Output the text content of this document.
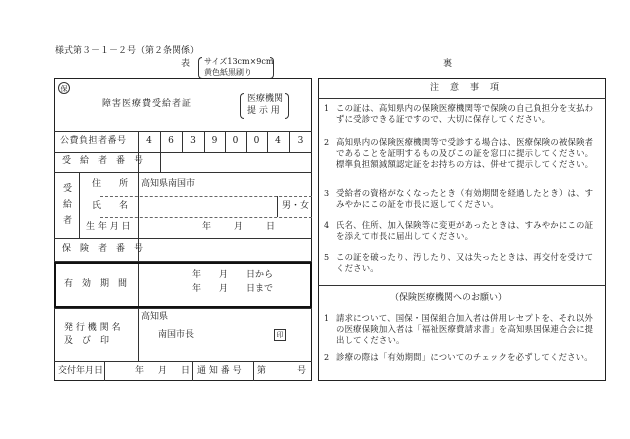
様式第３－１－２号（第２条関係）
表 サイズ13cm×9cm
黄色紙黒刷り
裏
保
障害医療費受給者証	医療機関
提 示 用
公費負担者番号	4	6	3	9	0	0	4	3
受　給　者　番　号
受
給
者
住　　所 高知県南国市
氏　　名	男・女
生 年 月 日	年	月	日
保　険　者　番　号
有　効　期　間
年　　月　　日から
年　　月　　日まで
発 行 機 関 名
及　び　印
高知県
南国市長	印
交付年月日	年 月 日 通 知 番 号 第	号
注　意　事　項
1 この証は、高知県内の保険医療機関等で保険の自己負担分を支払わずに受診できる証ですので、大切に保存してください。
2 高知県内の保険医療機関等で受診する場合は、医療保険の被保険者であることを証明するもの及びこの証を窓口に提示してください。標準負担額減額認定証をお持ちの方は、併せて提示してください。
3 受給者の資格がなくなったとき（有効期間を経過したとき）は、すみやかにこの証を市長に返してください。
4 氏名、住所、加入保険等に変更があったときは、すみやかにこの証を添えて市長に届出してください。
5 この証を破ったり、汚したり、又は失ったときは、再交付を受けてください。
（保険医療機関へのお願い）
1 請求について、国保・国保組合加入者は併用レセプトを、それ以外の医療保険加入者は「福祉医療費請求書」を高知県国保連合会に提出してください。
2 診療の際は「有効期間」についてのチェックを必ずしてください。
